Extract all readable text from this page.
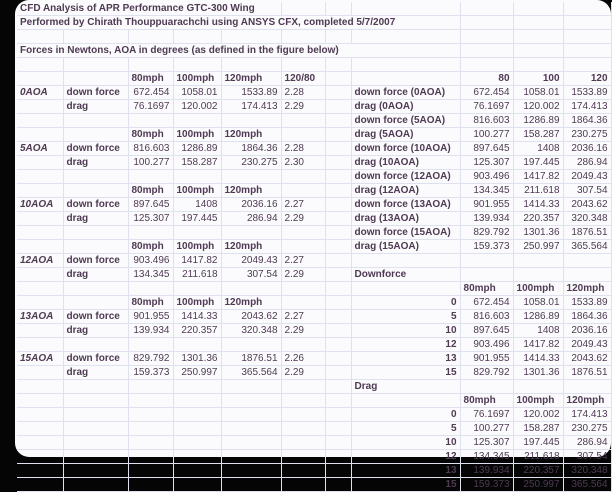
CFD Analysis of APR Performance GTC-300 Wing										
Performed by Chirath Thouppuarachchi using ANSYS CFX, completed 5/7/2007										

Forces in Newtons, AOA in degrees (as defined in the figure below)										

		80mph	100mph	120mph	120/80			80	100	120
0AOA	down force	672.454	1058.01	1533.89	2.28		down force (0AOA)	672.454	1058.01	1533.89
	drag	76.1697	120.002	174.413	2.29		drag (0AOA)	76.1697	120.002	174.413
							down force (5AOA)	816.603	1286.89	1864.36
		80mph	100mph	120mph			drag (5AOA)	100.277	158.287	230.275
5AOA	down force	816.603	1286.89	1864.36	2.28		down force (10AOA)	897.645	1408	2036.16
	drag	100.277	158.287	230.275	2.30		drag (10AOA)	125.307	197.445	286.94
							down force (12AOA)	903.496	1417.82	2049.43
		80mph	100mph	120mph			drag (12AOA)	134.345	211.618	307.54
10AOA	down force	897.645	1408	2036.16	2.27		down force (13AOA)	901.955	1414.33	2043.62
	drag	125.307	197.445	286.94	2.29		drag (13AOA)	139.934	220.357	320.348
							down force (15AOA)	829.792	1301.36	1876.51
		80mph	100mph	120mph			drag (15AOA)	159.373	250.997	365.564
12AOA	down force	903.496	1417.82	2049.43	2.27					
	drag	134.345	211.618	307.54	2.29		Downforce			
								80mph	100mph	120mph
		80mph	100mph	120mph			0	672.454	1058.01	1533.89
13AOA	down force	901.955	1414.33	2043.62	2.27		5	816.603	1286.89	1864.36
	drag	139.934	220.357	320.348	2.29		10	897.645	1408	2036.16
							12	903.496	1417.82	2049.43
15AOA	down force	829.792	1301.36	1876.51	2.26		13	901.955	1414.33	2043.62
	drag	159.373	250.997	365.564	2.29		15	829.792	1301.36	1876.51
							Drag			
								80mph	100mph	120mph
							0	76.1697	120.002	174.413
							5	100.277	158.287	230.275
							10	125.307	197.445	286.94
							12	134.345	211.618	307.54
							13	139.934	220.357	320.348
							15	159.373	250.997	365.564
